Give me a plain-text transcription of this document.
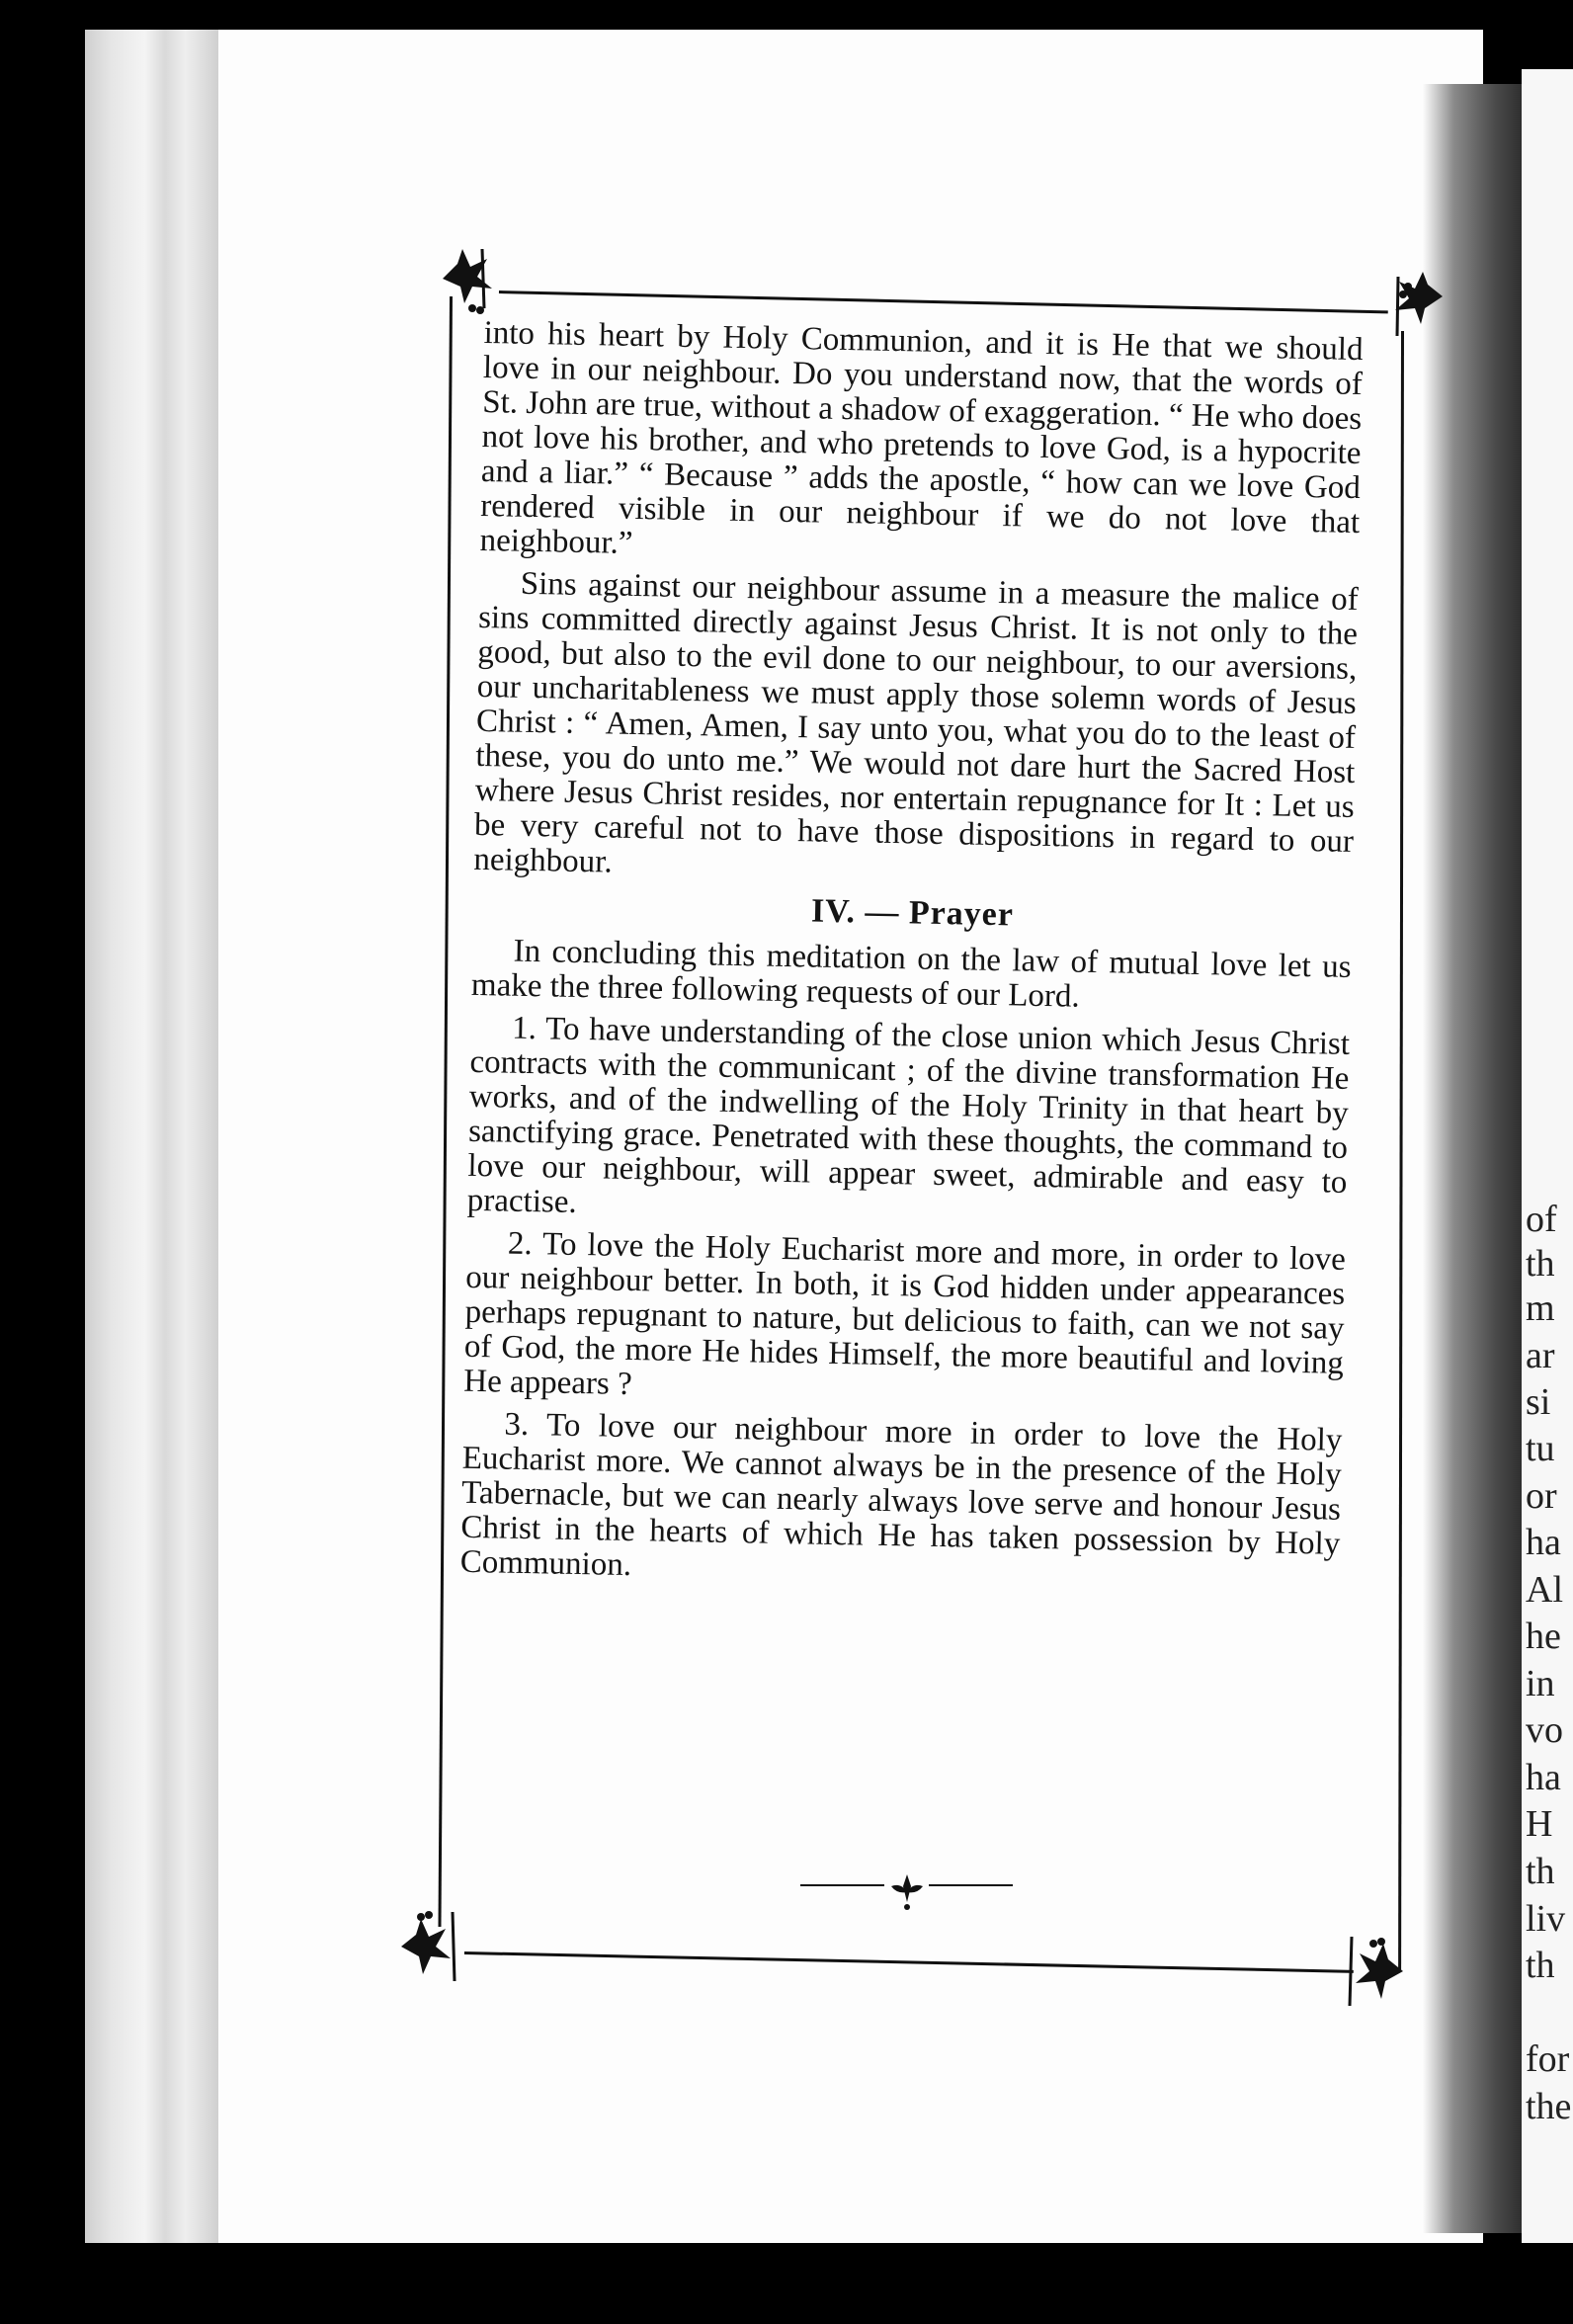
of
th
m
ar
si
tu
or
ha
Al
he
in
vo
ha
H
th
liv
th
for
the

into his heart by Holy Communion, and it is He that we should love in our neighbour. Do you understand now, that the words of St. John are true, without a shadow of exaggeration. “ He who does not love his brother, and who pretends to love God, is a hypocrite and a liar.” “ Because ” adds the apostle, “ how can we love God rendered visible in our neighbour if we do not love that neighbour.”

Sins against our neighbour assume in a measure the malice of sins committed directly against Jesus Christ. It is not only to the good, but also to the evil done to our neighbour, to our aversions, our uncharitableness we must apply those solemn words of Jesus Christ : “ Amen, Amen, I say unto you, what you do to the least of these, you do unto me.” We would not dare hurt the Sacred Host where Jesus Christ resides, nor entertain repugnance for It : Let us be very careful not to have those dispositions in regard to our neighbour.

IV. — Prayer

In concluding this meditation on the law of mutual love let us make the three following requests of our Lord.

1. To have understanding of the close union which Jesus Christ contracts with the communicant ; of the divine transformation He works, and of the indwelling of the Holy Trinity in that heart by sanctifying grace. Penetrated with these thoughts, the command to love our neighbour, will appear sweet, admirable and easy to practise.

2. To love the Holy Eucharist more and more, in order to love our neighbour better. In both, it is God hidden under appearances perhaps repugnant to nature, but delicious to faith, can we not say of God, the more He hides Himself, the more beautiful and loving He appears ?

3. To love our neighbour more in order to love the Holy Eucharist more. We cannot always be in the presence of the Holy Tabernacle, but we can nearly always love serve and honour Jesus Christ in the hearts of which He has taken possession by Holy Communion.
